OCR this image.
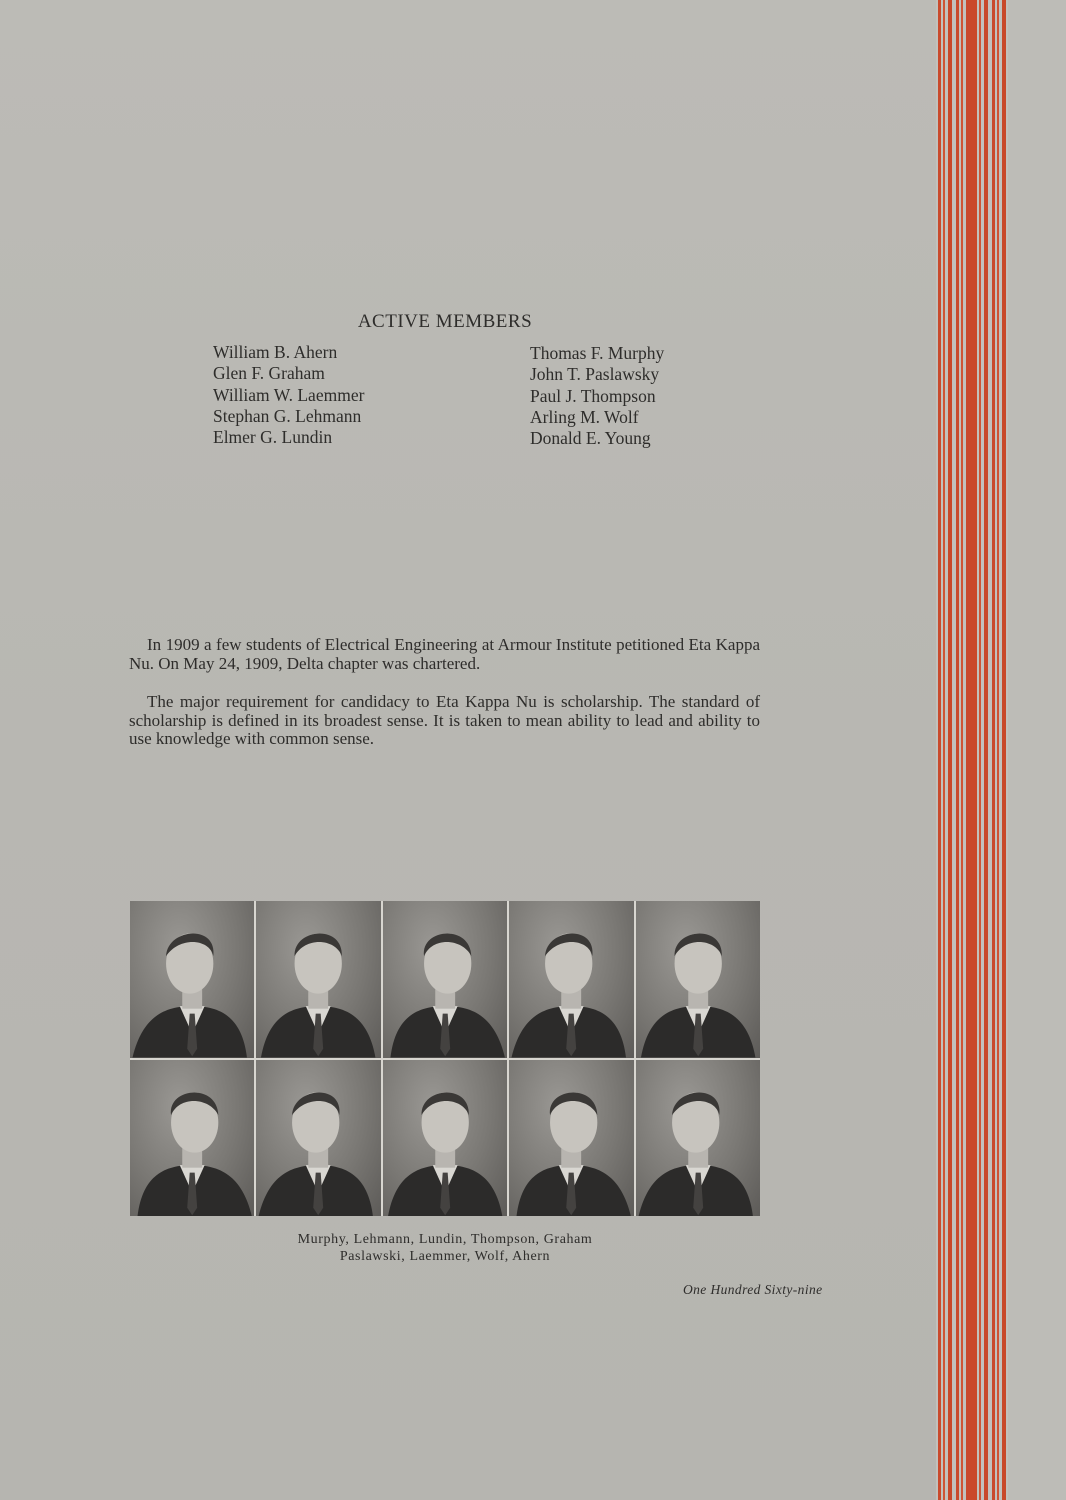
ACTIVE MEMBERS
William B. Ahern
Glen F. Graham
William W. Laemmer
Stephan G. Lehmann
Elmer G. Lundin
Thomas F. Murphy
John T. Paslawsky
Paul J. Thompson
Arling M. Wolf
Donald E. Young

In 1909 a few students of Electrical Engineering at Armour Institute petitioned Eta Kappa Nu. On May 24, 1909, Delta chapter was chartered.

The major requirement for candidacy to Eta Kappa Nu is scholarship. The standard of scholarship is defined in its broadest sense. It is taken to mean ability to lead and ability to use knowledge with common sense.

Murphy, Lehmann, Lundin, Thompson, Graham
Paslawski, Laemmer, Wolf, Ahern
One Hundred Sixty-nine
